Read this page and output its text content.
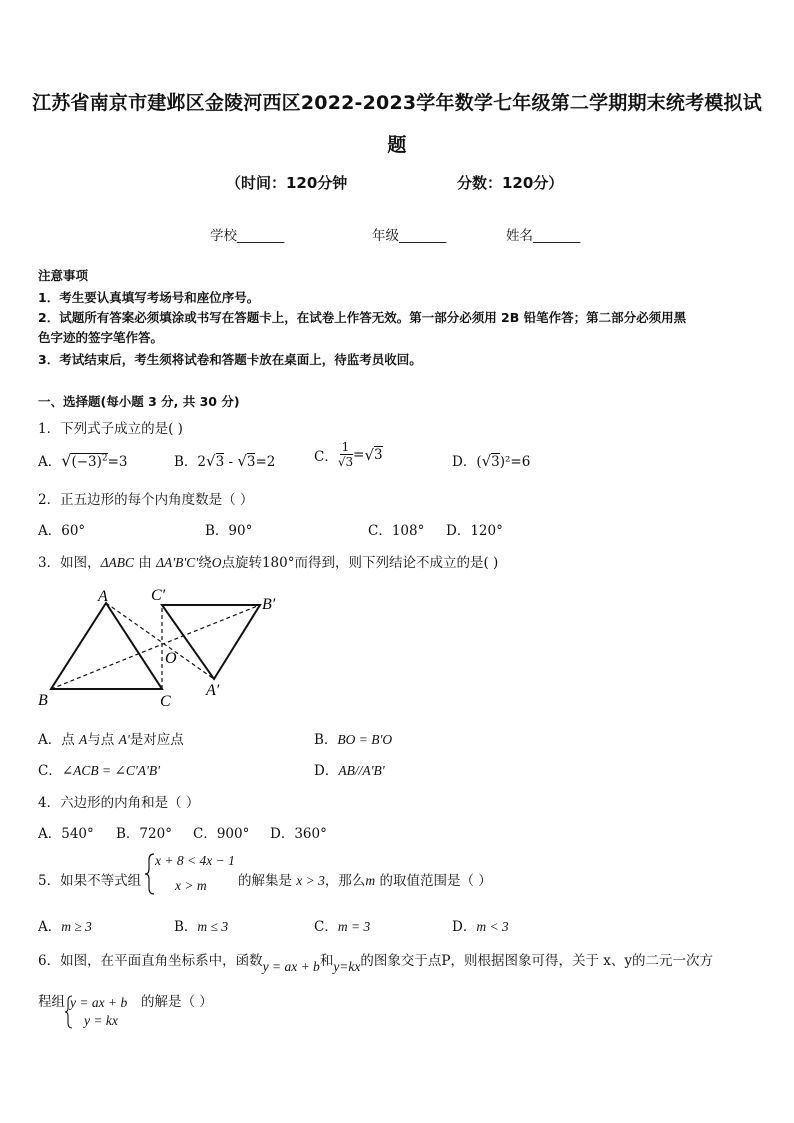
江苏省南京市建邺区金陵河西区2022-2023学年数学七年级第二学期期末统考模拟试
题
（时间：120分钟	分数：120分）
学校_______	年级_______	姓名_______
注意事项
1．考生要认真填写考场号和座位序号。
2．试题所有答案必须填涂或书写在答题卡上，在试卷上作答无效。第一部分必须用 2B 铅笔作答；第二部分必须用黑
色字迹的签字笔作答。
3．考试结束后，考生须将试卷和答题卡放在桌面上，待监考员收回。
一、选择题(每小题 3 分, 共 30 分)
1．下列式子成立的是( )
A．$√(-3)^2=3$	B．2√3 - √3=2	C． $\frac{1}{√3}$ = √ 3	D．(√3)²=6
2．正五边形的每个内角度数是（ ）
A．60°	B．90°	C．108° D．120°
3．如图，ΔABC 由 ΔA'B'C'绕O点旋转180°而得到，则下列结论不成立的是( )
A
B	C
O
C′
B′
A′
A．点 A与点 A'是对应点	B．BO = B'O
C．∠ACB = ∠C'A'B'	D．AB//A'B'
4．六边形的内角和是（ ）
A．540° B．720° C．900° D．360°
5．如果不等式组
x + 8 < 4x − 1
x > m 的解集是 x > 3，那么m 的取值范围是（ ）
A．m ≥ 3	B．m ≤ 3	C．m = 3	D．m < 3
6．如图，在平面直角坐标系中，函数y = ax + b和y=kx的图象交于点P，则根据图象可得，关于 x、y的二元一次方
程组 y = ax + b
y = kx
的解是（ ）
